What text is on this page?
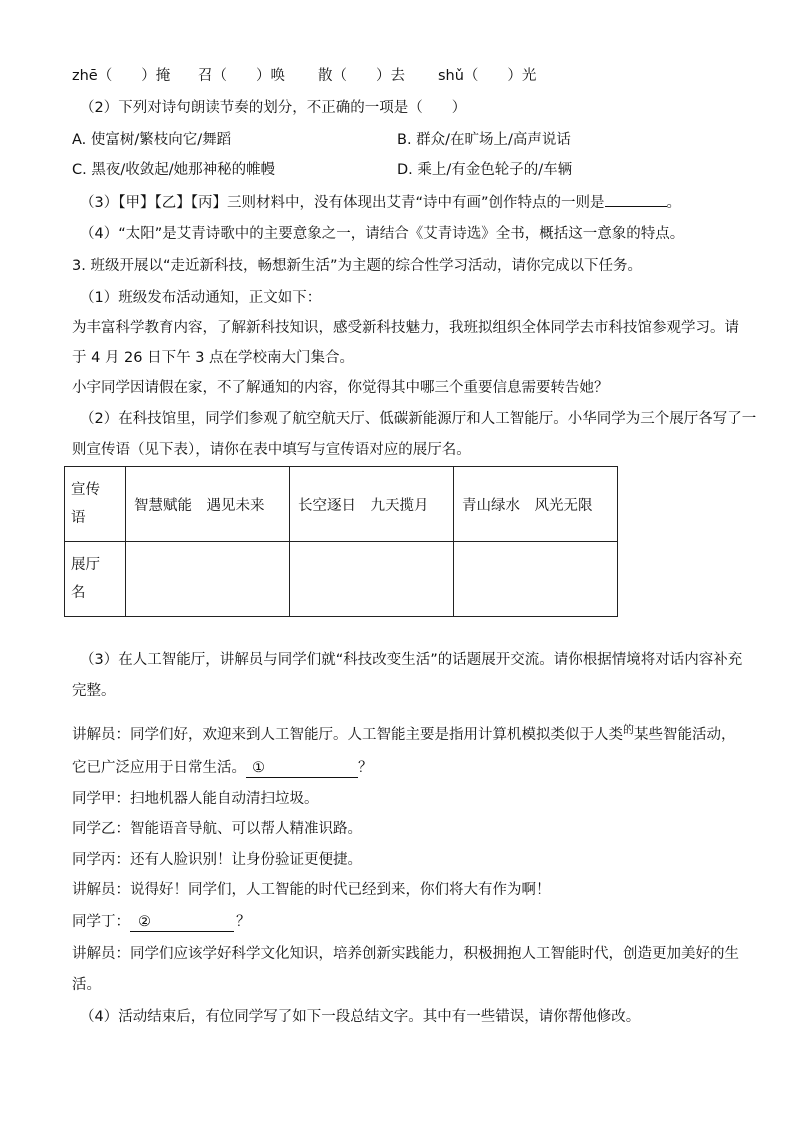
zhē（　　）掩 召（　　）唤 散（　　）去 shǔ（　　）光
（2）下列对诗句朗读节奏的划分，不正确的一项是（　　）
A. 使富树/繁枝向它/舞蹈	B. 群众/在旷场上/高声说话
C. 黑夜/收敛起/她那神秘的帷幔	D. 乘上/有金色轮子的/车辆
（3）【甲】【乙】【丙】三则材料中，没有体现出艾青“诗中有画”创作特点的一则是	。
（4）“太阳”是艾青诗歌中的主要意象之一，请结合《艾青诗选》全书，概括这一意象的特点。
3. 班级开展以“走近新科技，畅想新生活”为主题的综合性学习活动，请你完成以下任务。
（1）班级发布活动通知，正文如下：
为丰富科学教育内容，了解新科技知识，感受新科技魅力，我班拟组织全体同学去市科技馆参观学习。请
于 4 月 26 日下午 3 点在学校南大门集合。
小宇同学因请假在家，不了解通知的内容，你觉得其中哪三个重要信息需要转告她？
（2）在科技馆里，同学们参观了航空航天厅、低碳新能源厅和人工智能厅。小华同学为三个展厅各写了一
则宣传语（见下表），请你在表中填写与宣传语对应的展厅名。
宣传
语	智慧赋能　遇见未来	长空逐日　九天揽月	青山绿水　风光无限

展厅
名			

（3）在人工智能厅，讲解员与同学们就“科技改变生活”的话题展开交流。请你根据情境将对话内容补充
完整。
讲解员：同学们好，欢迎来到人工智能厅。人工智能主要是指用计算机模拟类似于人类$^的$某些智能活动，
它已广泛应用于日常生活。 ①	？
同学甲：扫地机器人能自动清扫垃圾。
同学乙：智能语音导航、可以帮人精准识路。
同学丙：还有人脸识别！让身份验证更便捷。
讲解员：说得好！同学们，人工智能的时代已经到来，你们将大有作为啊！
同学丁： ②	？
讲解员：同学们应该学好科学文化知识，培养创新实践能力，积极拥抱人工智能时代，创造更加美好的生
活。
（4）活动结束后，有位同学写了如下一段总结文字。其中有一些错误，请你帮他修改。
